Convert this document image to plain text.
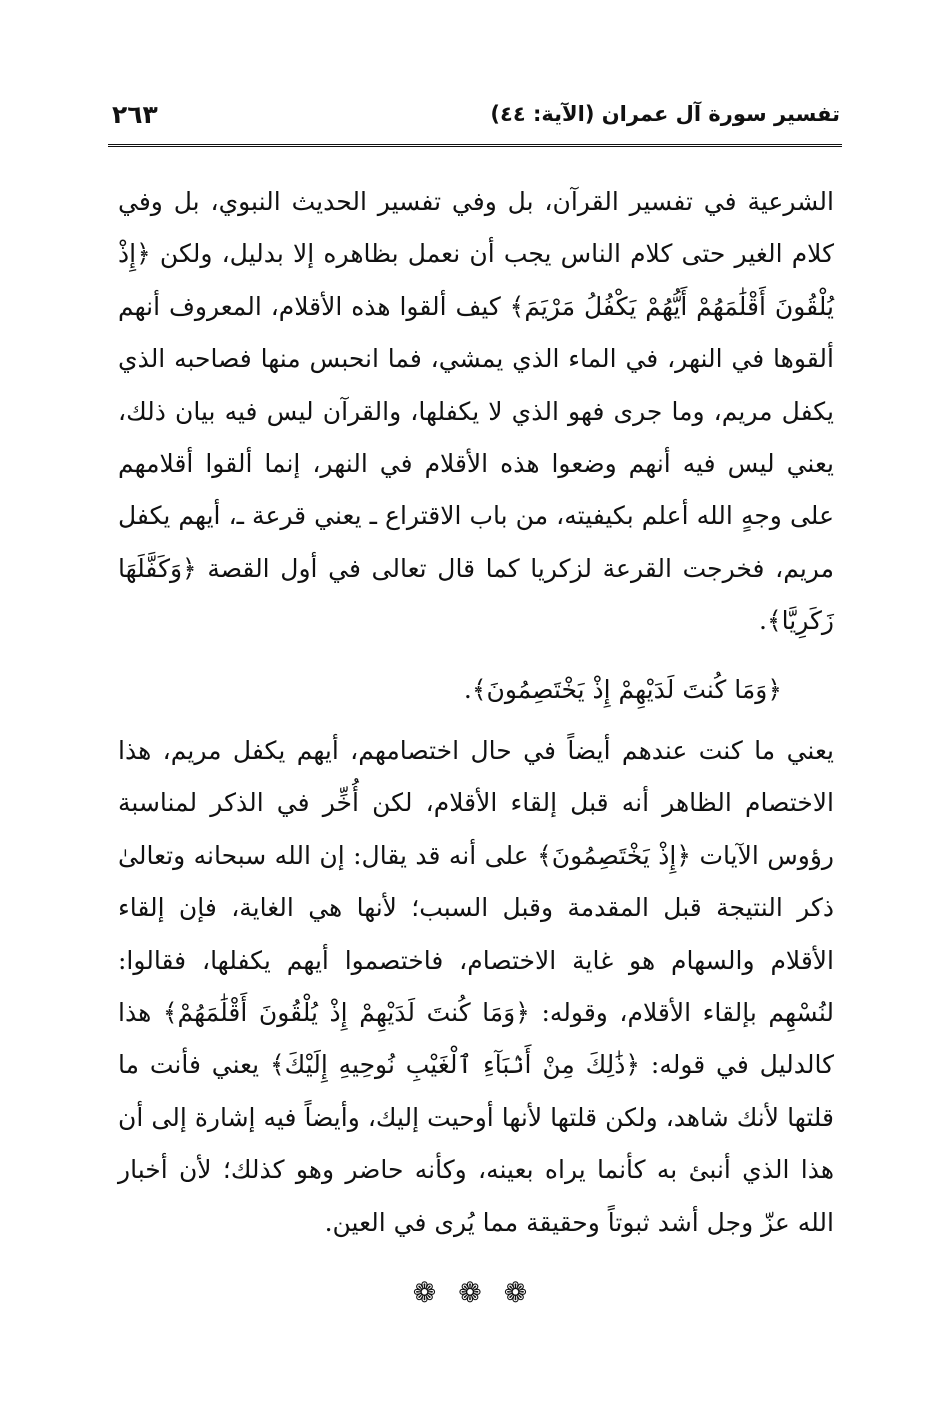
تفسير سورة آل عمران (الآية: ٤٤)
٢٦٣
الشرعية في تفسير القرآن، بل وفي تفسير الحديث النبوي، بل وفي كلام الغير حتى كلام الناس يجب أن نعمل بظاهره إلا بدليل، ولكن ﴿إِذْ يُلْقُونَ أَقْلَٰمَهُمْ أَيُّهُمْ يَكْفُلُ مَرْيَمَ﴾ كيف ألقوا هذه الأقلام، المعروف أنهم ألقوها في النهر، في الماء الذي يمشي، فما انحبس منها فصاحبه الذي يكفل مريم، وما جرى فهو الذي لا يكفلها، والقرآن ليس فيه بيان ذلك، يعني ليس فيه أنهم وضعوا هذه الأقلام في النهر، إنما ألقوا أقلامهم على وجهٍ الله أعلم بكيفيته، من باب الاقتراع ـ يعني قرعة ـ، أيهم يكفل مريم، فخرجت القرعة لزكريا كما قال تعالى في أول القصة ﴿وَكَفَّلَهَا زَكَرِيَّا﴾.
﴿وَمَا كُنتَ لَدَيْهِمْ إِذْ يَخْتَصِمُونَ﴾.
يعني ما كنت عندهم أيضاً في حال اختصامهم، أيهم يكفل مريم، هذا الاختصام الظاهر أنه قبل إلقاء الأقلام، لكن أُخِّر في الذكر لمناسبة رؤوس الآيات ﴿إِذْ يَخْتَصِمُونَ﴾ على أنه قد يقال: إن الله سبحانه وتعالىٰ ذكر النتيجة قبل المقدمة وقبل السبب؛ لأنها هي الغاية، فإن إلقاء الأقلام والسهام هو غاية الاختصام، فاختصموا أيهم يكفلها، فقالوا: لنُسْهِم بإلقاء الأقلام، وقوله: ﴿وَمَا كُنتَ لَدَيْهِمْ إِذْ يُلْقُونَ أَقْلَٰمَهُمْ﴾ هذا كالدليل في قوله: ﴿ذَٰلِكَ مِنْ أَنۢبَآءِ ٱلْغَيْبِ نُوحِيهِ إِلَيْكَ﴾ يعني فأنت ما قلتها لأنك شاهد، ولكن قلتها لأنها أوحيت إليك، وأيضاً فيه إشارة إلى أن هذا الذي أنبئ به كأنما يراه بعينه، وكأنه حاضر وهو كذلك؛ لأن أخبار الله عزّ وجل أشد ثبوتاً وحقيقة مما يُرى في العين.
❁❁❁
